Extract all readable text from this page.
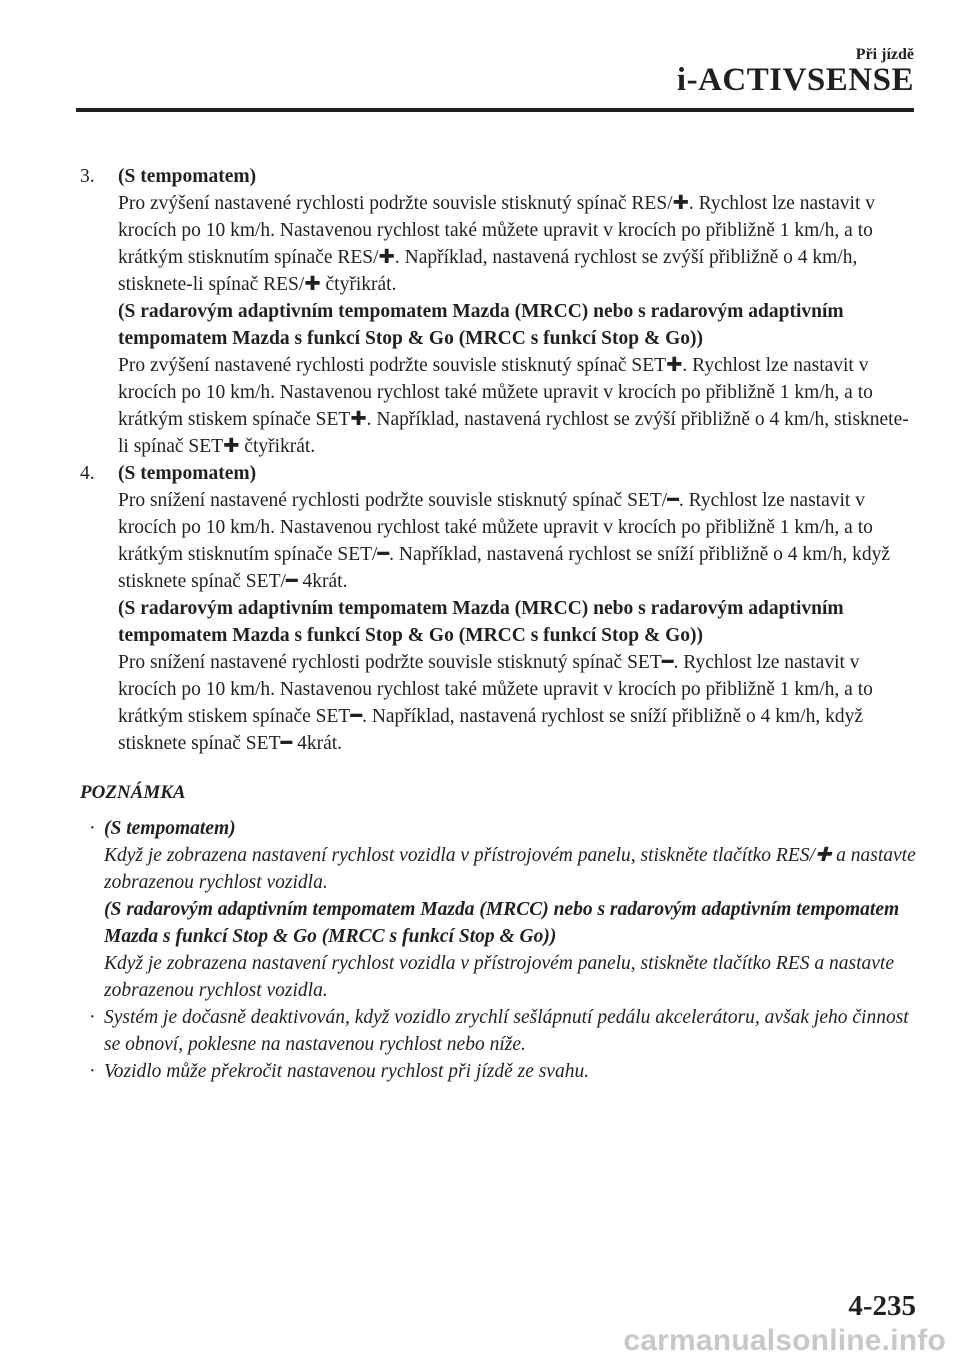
Při jízdě
i-ACTIVSENSE
3.	(S tempomatem)
Pro zvýšení nastavené rychlosti podržte souvisle stisknutý spínač RES/✚. Rychlost lze nastavit v krocích po 10 km/h. Nastavenou rychlost také můžete upravit v krocích po přibližně 1 km/h, a to krátkým stisknutím spínače RES/✚. Například, nastavená rychlost se zvýší přibližně o 4 km/h, stisknete-li spínač RES/✚ čtyřikrát.
(S radarovým adaptivním tempomatem Mazda (MRCC) nebo s radarovým adaptivním tempomatem Mazda s funkcí Stop & Go (MRCC s funkcí Stop & Go))
Pro zvýšení nastavené rychlosti podržte souvisle stisknutý spínač SET✚. Rychlost lze nastavit v krocích po 10 km/h. Nastavenou rychlost také můžete upravit v krocích po přibližně 1 km/h, a to krátkým stiskem spínače SET✚. Například, nastavená rychlost se zvýší přibližně o 4 km/h, stisknete-li spínač SET✚ čtyřikrát.
4.	(S tempomatem)
Pro snížení nastavené rychlosti podržte souvisle stisknutý spínač SET/━. Rychlost lze nastavit v krocích po 10 km/h. Nastavenou rychlost také můžete upravit v krocích po přibližně 1 km/h, a to krátkým stisknutím spínače SET/━. Například, nastavená rychlost se sníží přibližně o 4 km/h, když stisknete spínač SET/━ 4krát.
(S radarovým adaptivním tempomatem Mazda (MRCC) nebo s radarovým adaptivním tempomatem Mazda s funkcí Stop & Go (MRCC s funkcí Stop & Go))
Pro snížení nastavené rychlosti podržte souvisle stisknutý spínač SET━. Rychlost lze nastavit v krocích po 10 km/h. Nastavenou rychlost také můžete upravit v krocích po přibližně 1 km/h, a to krátkým stiskem spínače SET━. Například, nastavená rychlost se sníží přibližně o 4 km/h, když stisknete spínač SET━ 4krát.
POZNÁMKA
· (S tempomatem)
Když je zobrazena nastavení rychlost vozidla v přístrojovém panelu, stiskněte tlačítko RES/✚ a nastavte zobrazenou rychlost vozidla.
(S radarovým adaptivním tempomatem Mazda (MRCC) nebo s radarovým adaptivním tempomatem Mazda s funkcí Stop & Go (MRCC s funkcí Stop & Go))
Když je zobrazena nastavení rychlost vozidla v přístrojovém panelu, stiskněte tlačítko RES a nastavte zobrazenou rychlost vozidla.
· Systém je dočasně deaktivován, když vozidlo zrychlí sešlápnutí pedálu akcelerátoru, avšak jeho činnost se obnoví, poklesne na nastavenou rychlost nebo níže.
· Vozidlo může překročit nastavenou rychlost při jízdě ze svahu.
4-235
carmanualsonline.info
